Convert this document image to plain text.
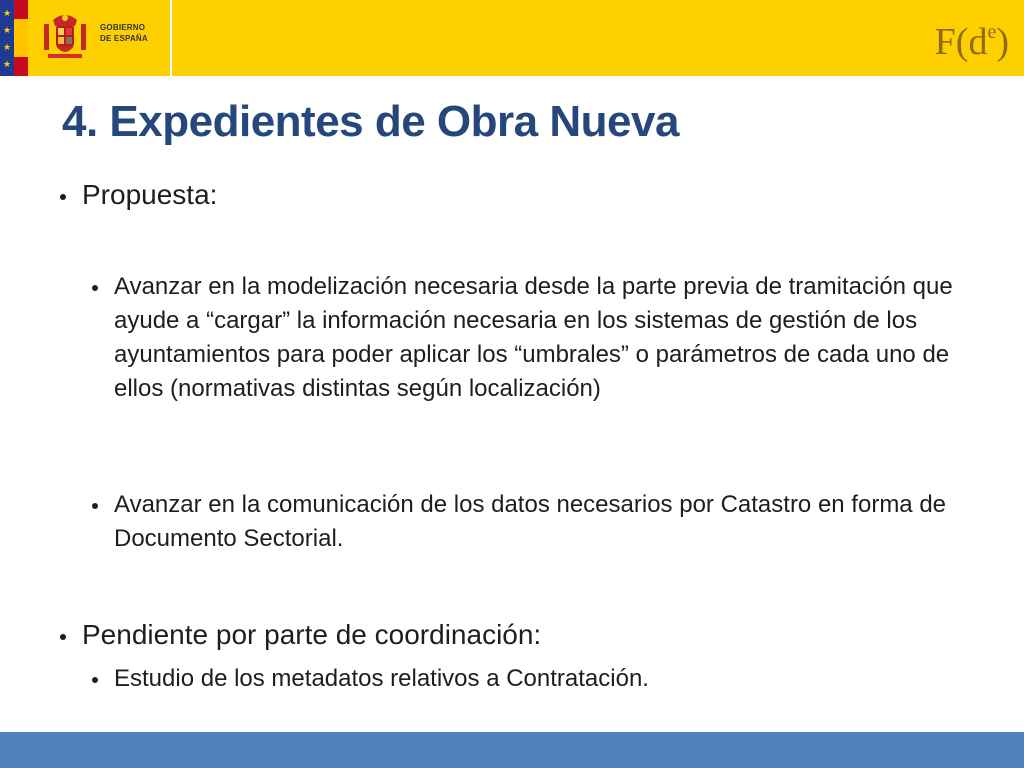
★
★
★
★
GOBIERNO
DE ESPAÑA	$F(d^e)$
4. Expedientes de Obra Nueva
Propuesta:
Avanzar en la modelización necesaria desde la parte previa de tramitación que ayude a “cargar” la información necesaria en los sistemas de gestión de los ayuntamientos para poder aplicar los “umbrales” o parámetros de cada uno de ellos (normativas distintas según localización)
Avanzar en la comunicación de los datos necesarios por Catastro en forma de Documento Sectorial.
Pendiente por parte de coordinación:
Estudio de los metadatos relativos a Contratación.
